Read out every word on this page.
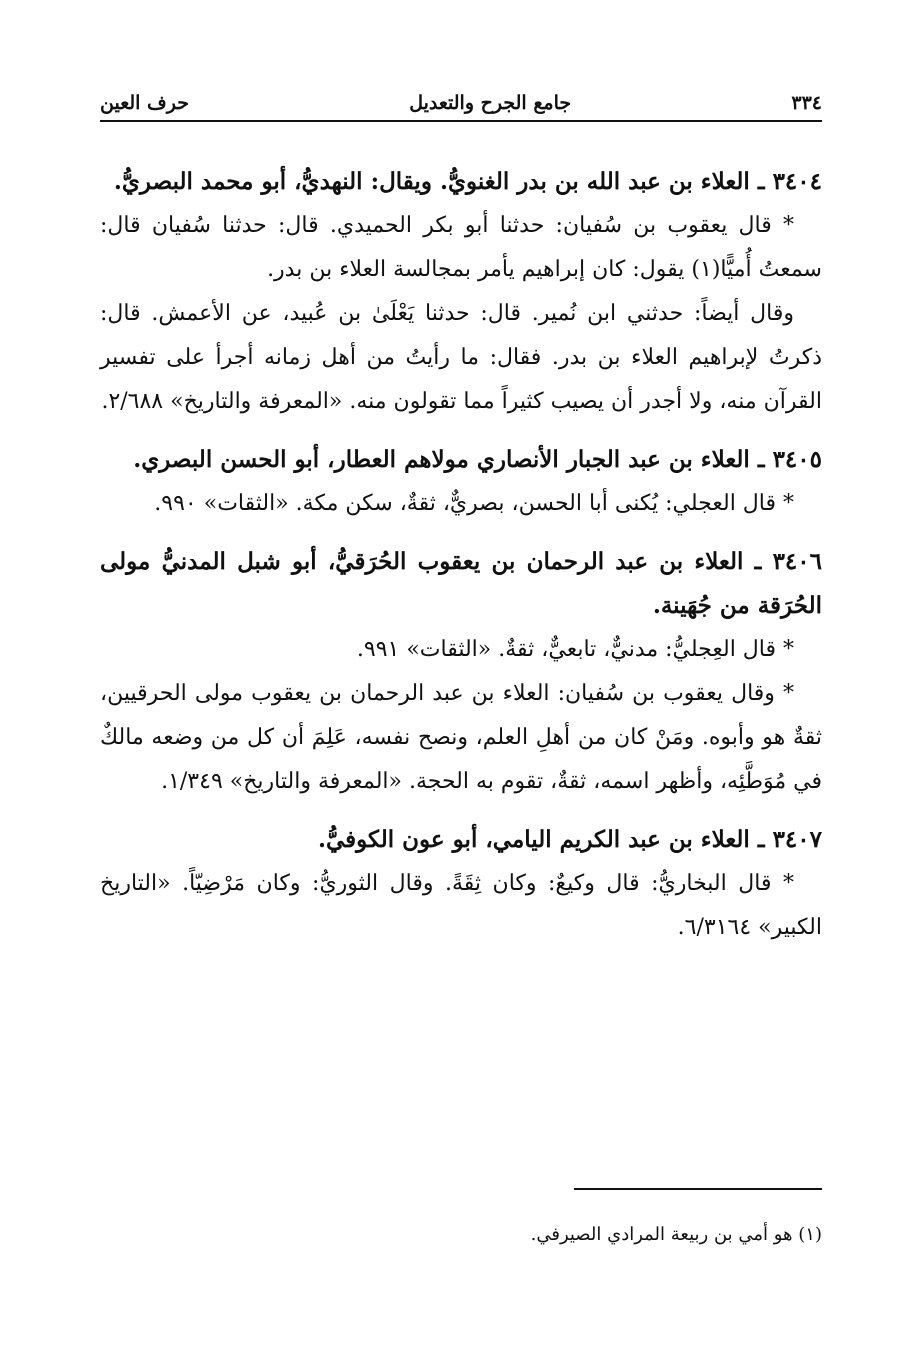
٣٣٤
جامع الجرح والتعديل
حرف العين

٣٤٠٤ ـ العلاء بن عبد الله بن بدر الغنويُّ. ويقال: النهديُّ، أبو محمد البصريُّ.

* قال يعقوب بن سُفيان: حدثنا أبو بكر الحميدي. قال: حدثنا سُفيان قال: سمعتُ أُميًّا(١) يقول: كان إبراهيم يأمر بمجالسة العلاء بن بدر.

وقال أيضاً: حدثني ابن نُمير. قال: حدثنا يَعْلَىٰ بن عُبيد، عن الأعمش. قال: ذكرتُ لإبراهيم العلاء بن بدر. فقال: ما رأيتُ من أهل زمانه أجرأ على تفسير القرآن منه، ولا أجدر أن يصيب كثيراً مما تقولون منه. «المعرفة والتاريخ» ٢/٦٨٨.

٣٤٠٥ ـ العلاء بن عبد الجبار الأنصاري مولاهم العطار، أبو الحسن البصري.

* قال العجلي: يُكنى أبا الحسن، بصريٌّ، ثقةٌ، سكن مكة. «الثقات» ٩٩٠.

٣٤٠٦ ـ العلاء بن عبد الرحمان بن يعقوب الحُرَقيُّ، أبو شبل المدنيُّ مولى الحُرَقة من جُهَينة.

* قال العِجليُّ: مدنيٌّ، تابعيٌّ، ثقةٌ. «الثقات» ٩٩١.

* وقال يعقوب بن سُفيان: العلاء بن عبد الرحمان بن يعقوب مولى الحرقيين، ثقةٌ هو وأبوه. ومَنْ كان من أهلِ العلم، ونصح نفسه، عَلِمَ أن كل من وضعه مالكٌ في مُوَطَّئِه، وأظهر اسمه، ثقةٌ، تقوم به الحجة. «المعرفة والتاريخ» ١/٣٤٩.

٣٤٠٧ ـ العلاء بن عبد الكريم اليامي، أبو عون الكوفيُّ.

* قال البخاريُّ: قال وكيعٌ: وكان ثِقَةً. وقال الثوريُّ: وكان مَرْضِيّاً. «التاريخ الكبير» ٦/٣١٦٤.

(١) هو أمي بن ربيعة المرادي الصيرفي.
